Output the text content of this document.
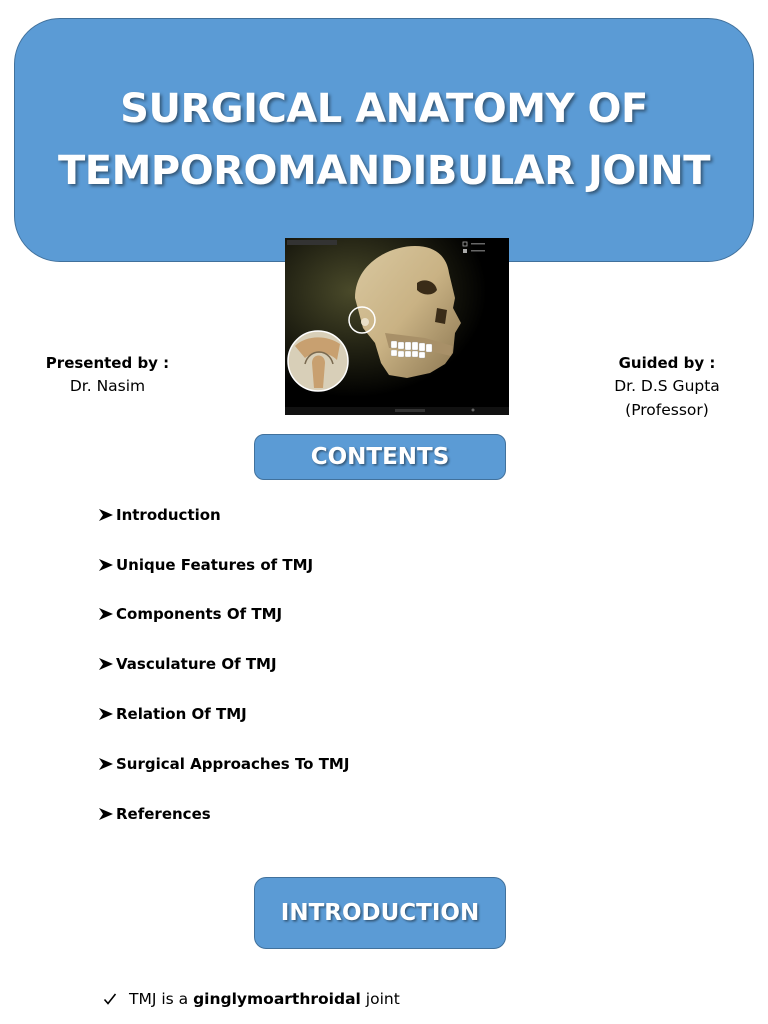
SURGICAL ANATOMY OF
TEMPOROMANDIBULAR JOINT
Presented by :
Dr. Nasim
Guided by :
Dr. D.S Gupta
(Professor)
CONTENTS
Introduction
Unique Features of TMJ
Components Of TMJ
Vasculature Of TMJ
Relation Of TMJ
Surgical Approaches To TMJ
References
INTRODUCTION
TMJ is a ginglymoarthroidal joint
